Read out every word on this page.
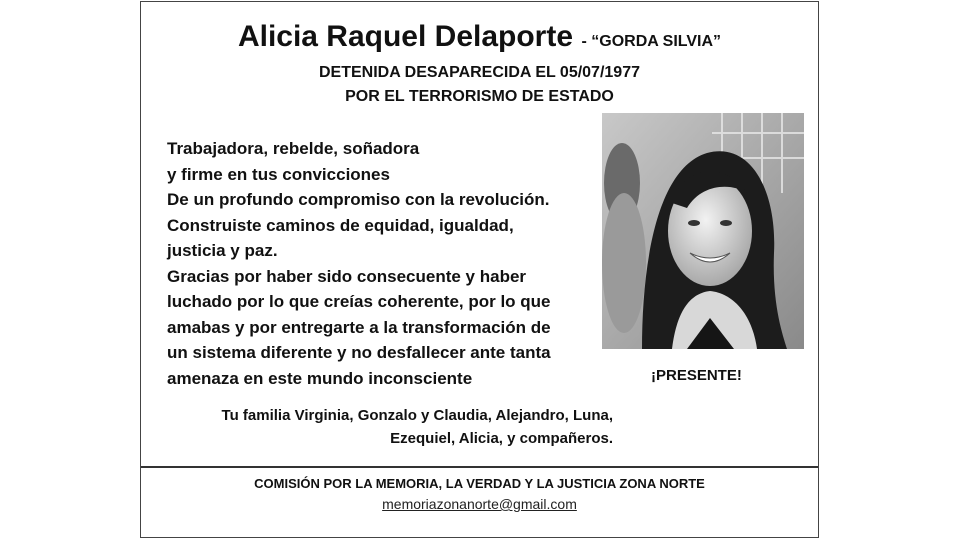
Alicia Raquel Delaporte - “GORDA SILVIA”
DETENIDA DESAPARECIDA EL 05/07/1977
POR EL TERRORISMO DE ESTADO
Trabajadora, rebelde, soñadora
y firme en tus convicciones
De un profundo compromiso con la revolución.
Construiste caminos de equidad, igualdad,
justicia y paz.
Gracias por haber sido consecuente y haber
luchado por lo que creías coherente, por lo que
amabas y por entregarte a la transformación de
un sistema diferente y no desfallecer ante tanta
amenaza en este mundo inconsciente	¡PRESENTE!
Tu familia Virginia, Gonzalo y Claudia, Alejandro, Luna,
Ezequiel, Alicia, y compañeros.
COMISIÓN POR LA MEMORIA, LA VERDAD Y LA JUSTICIA ZONA NORTE
memoriazonanorte@gmail.com
